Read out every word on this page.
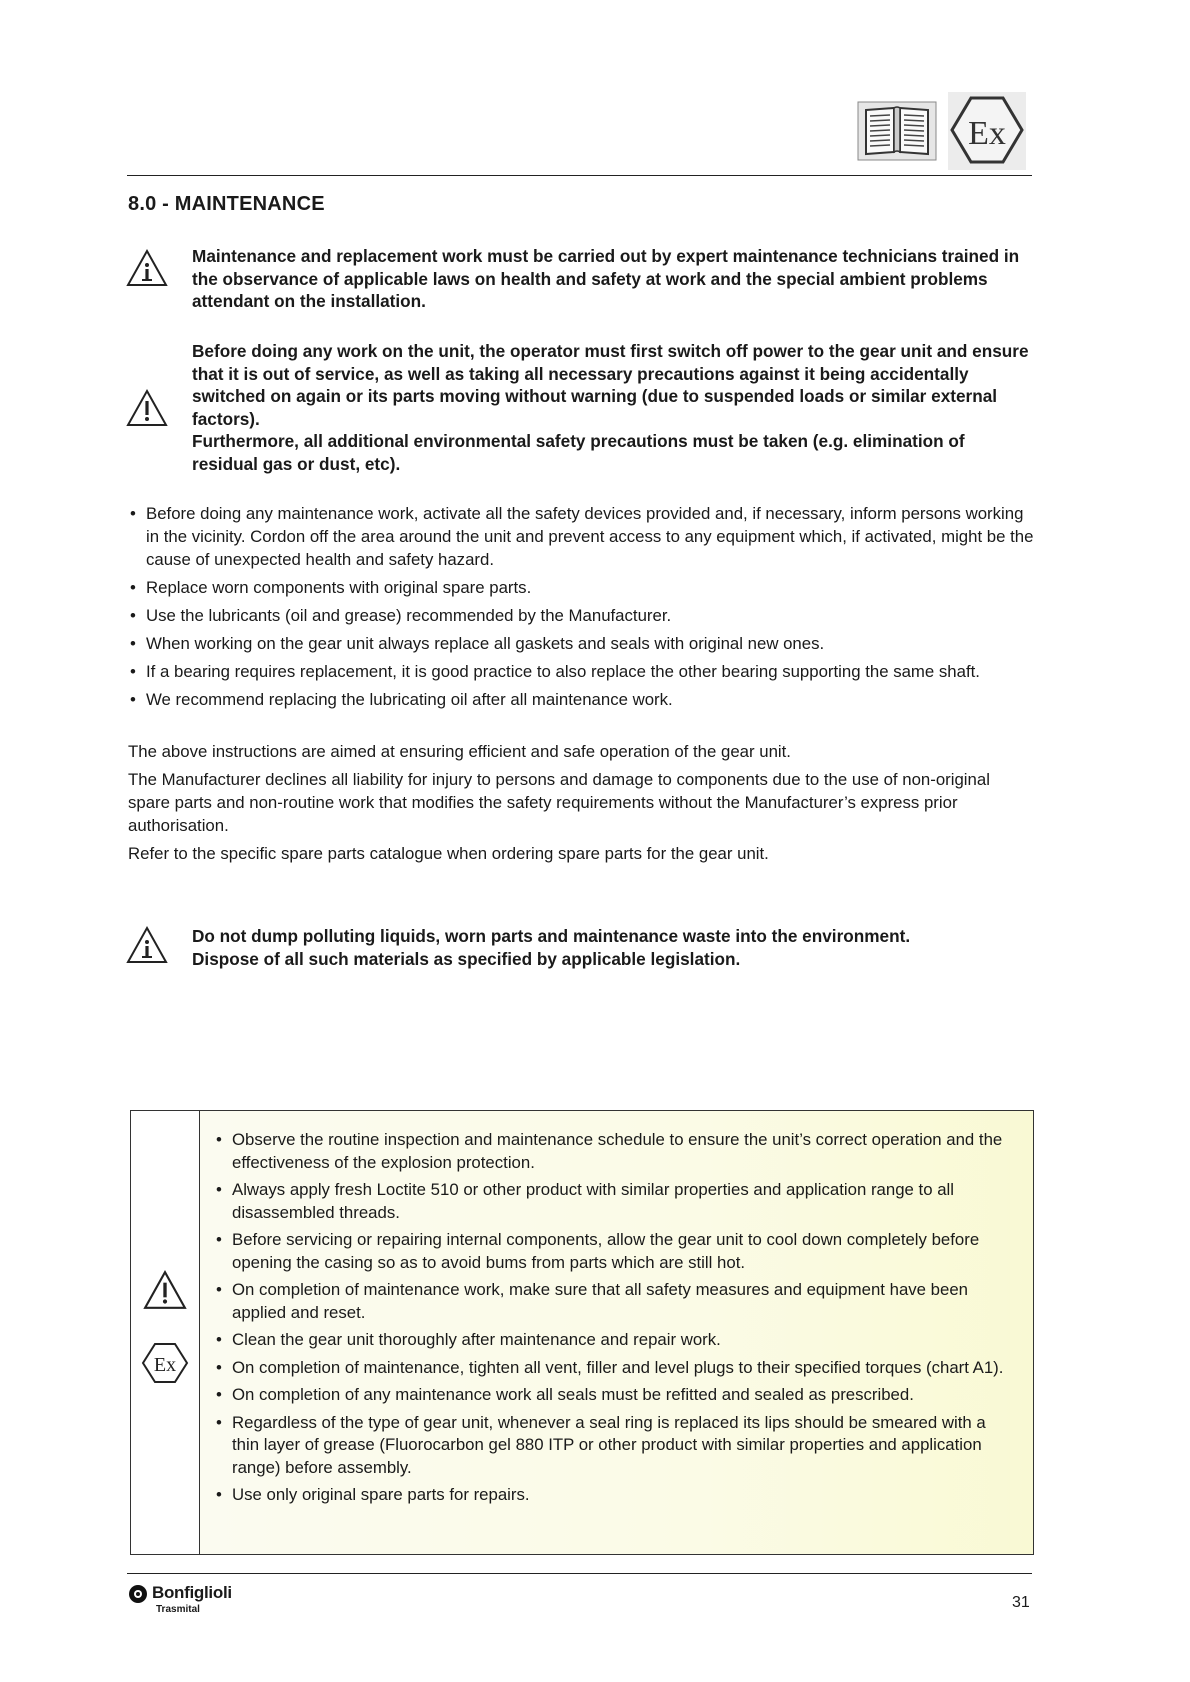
Ex
8.0 - MAINTENANCE

Maintenance and replacement work must be carried out by expert maintenance technicians trained in the observance of applicable laws on health and safety at work and the special ambient problems attendant on the installation.

Before doing any work on the unit, the operator must first switch off power to the gear unit and ensure that it is out of service, as well as taking all necessary precautions against it being accidentally switched on again or its parts moving without warning (due to suspended loads or similar external factors).

Furthermore, all additional environmental safety precautions must be taken (e.g. elimination of residual gas or dust, etc).

• Before doing any maintenance work, activate all the safety devices provided and, if necessary, inform persons working in the vicinity. Cordon off the area around the unit and prevent access to any equipment which, if activated, might be the cause of unexpected health and safety hazard.
• Replace worn components with original spare parts.
• Use the lubricants (oil and grease) recommended by the Manufacturer.
• When working on the gear unit always replace all gaskets and seals with original new ones.
• If a bearing requires replacement, it is good practice to also replace the other bearing supporting the same shaft.
• We recommend replacing the lubricating oil after all maintenance work.

The above instructions are aimed at ensuring efficient and safe operation of the gear unit.

The Manufacturer declines all liability for injury to persons and damage to components due to the use of non-original spare parts and non-routine work that modifies the safety requirements without the Manufacturer’s express prior authorisation.

Refer to the specific spare parts catalogue when ordering spare parts for the gear unit.

Do not dump polluting liquids, worn parts and maintenance waste into the environment.

Dispose of all such materials as specified by applicable legislation.

Ex
• Observe the routine inspection and maintenance schedule to ensure the unit’s correct operation and the effectiveness of the explosion protection.
• Always apply fresh Loctite 510 or other product with similar properties and application range to all disassembled threads.
• Before servicing or repairing internal components, allow the gear unit to cool down completely before opening the casing so as to avoid bums from parts which are still hot.
• On completion of maintenance work, make sure that all safety measures and equipment have been applied and reset.
• Clean the gear unit thoroughly after maintenance and repair work.
• On completion of maintenance, tighten all vent, filler and level plugs to their specified torques (chart A1).
• On completion of any maintenance work all seals must be refitted and sealed as prescribed.
• Regardless of the type of gear unit, whenever a seal ring is replaced its lips should be smeared with a thin layer of grease (Fluorocarbon gel 880 ITP or other product with similar properties and application range) before assembly.
• Use only original spare parts for repairs.
Bonfiglioli
Trasmital	31
